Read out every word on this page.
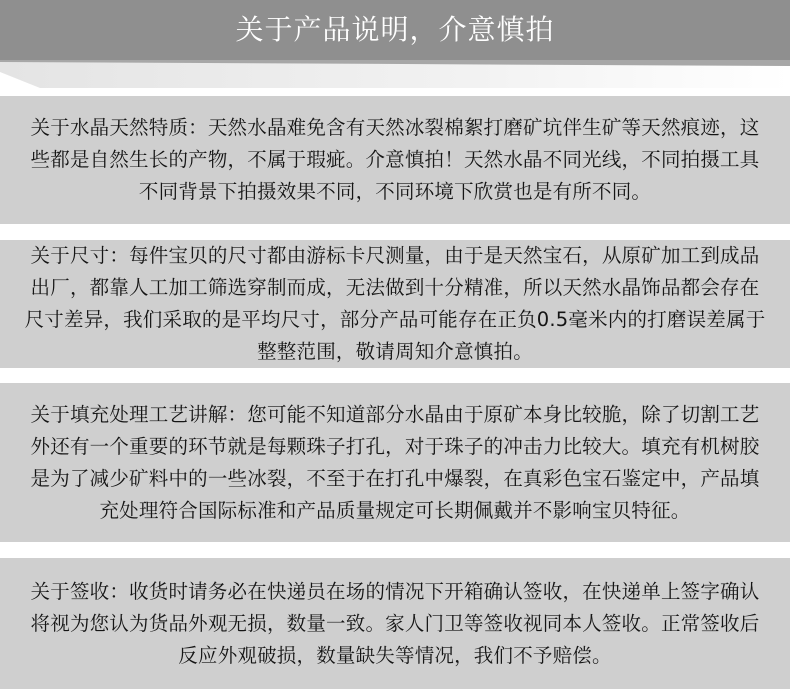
关于产品说明，介意慎拍

关于水晶天然特质：天然水晶难免含有天然冰裂棉絮打磨矿坑伴生矿等天然痕迹，这些都是自然生长的产物，不属于瑕疵。介意慎拍！天然水晶不同光线，不同拍摄工具不同背景下拍摄效果不同，不同环境下欣赏也是有所不同。

关于尺寸：每件宝贝的尺寸都由游标卡尺测量，由于是天然宝石，从原矿加工到成品出厂，都靠人工加工筛选穿制而成，无法做到十分精准，所以天然水晶饰品都会存在尺寸差异，我们采取的是平均尺寸，部分产品可能存在正负0.5毫米内的打磨误差属于整整范围，敬请周知介意慎拍。

关于填充处理工艺讲解：您可能不知道部分水晶由于原矿本身比较脆，除了切割工艺外还有一个重要的环节就是每颗珠子打孔，对于珠子的冲击力比较大。填充有机树胶是为了减少矿料中的一些冰裂，不至于在打孔中爆裂，在真彩色宝石鉴定中，产品填充处理符合国际标准和产品质量规定可长期佩戴并不影响宝贝特征。

关于签收：收货时请务必在快递员在场的情况下开箱确认签收，在快递单上签字确认将视为您认为货品外观无损，数量一致。家人门卫等签收视同本人签收。正常签收后反应外观破损，数量缺失等情况，我们不予赔偿。
